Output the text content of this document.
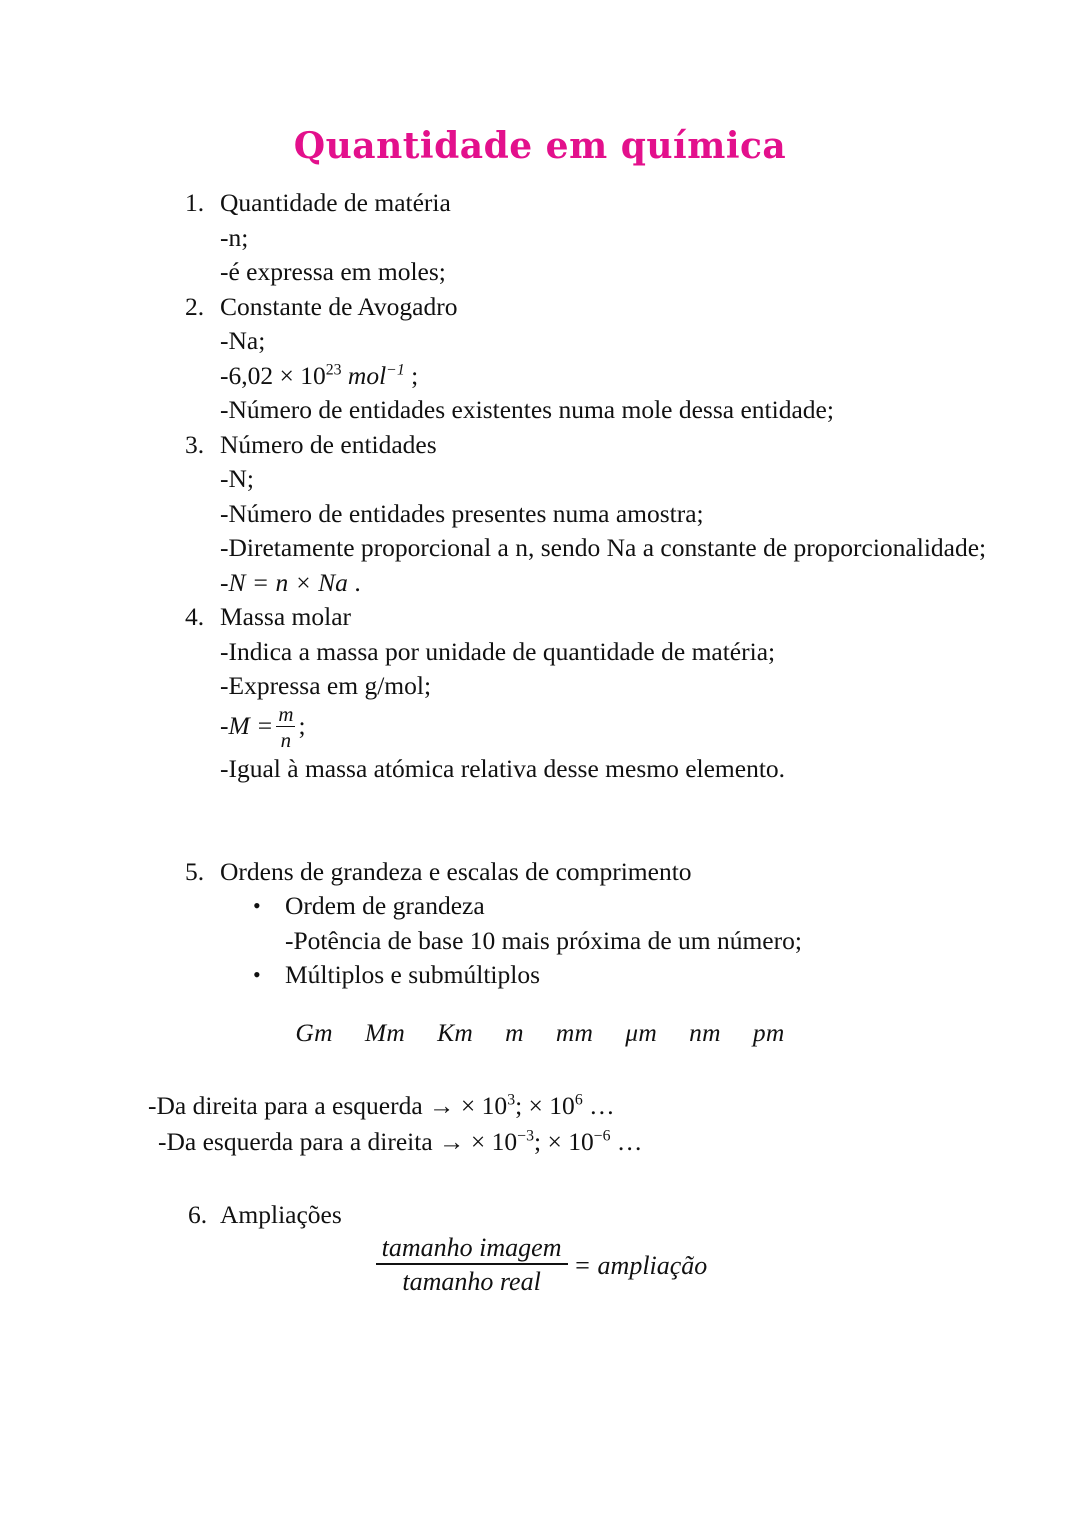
Quantidade em química
1. Quantidade de matéria
-n;
-é expressa em moles;
2. Constante de Avogadro
-Na;
$-6,02 \times 10^{23}$ mol$^{-1}$ ;
-Número de entidades existentes numa mole dessa entidade;
3. Número de entidades
-N;
-Número de entidades presentes numa amostra;
-Diretamente proporcional a n, sendo Na a constante de proporcionalidade;
-N = n × Na .
4. Massa molar
-Indica a massa por unidade de quantidade de matéria;
-Expressa em g/mol;
$-M = \frac{m}{n}$ ;
-Igual à massa atómica relativa desse mesmo elemento.
5. Ordens de grandeza e escalas de comprimento
• Ordem de grandeza
-Potência de base 10 mais próxima de um número;
• Múltiplos e submúltiplos
Gm Mm Km m mm μm nm pm
-Da direita para a esquerda → × $10^3$; × $10^6$ …
-Da esquerda para a direita → × $10^{-3}$; × $10^{-6}$ …
6. Ampliações
$\frac{\text{tamanho imagem}}{\text{tamanho real}}$ = ampliação
